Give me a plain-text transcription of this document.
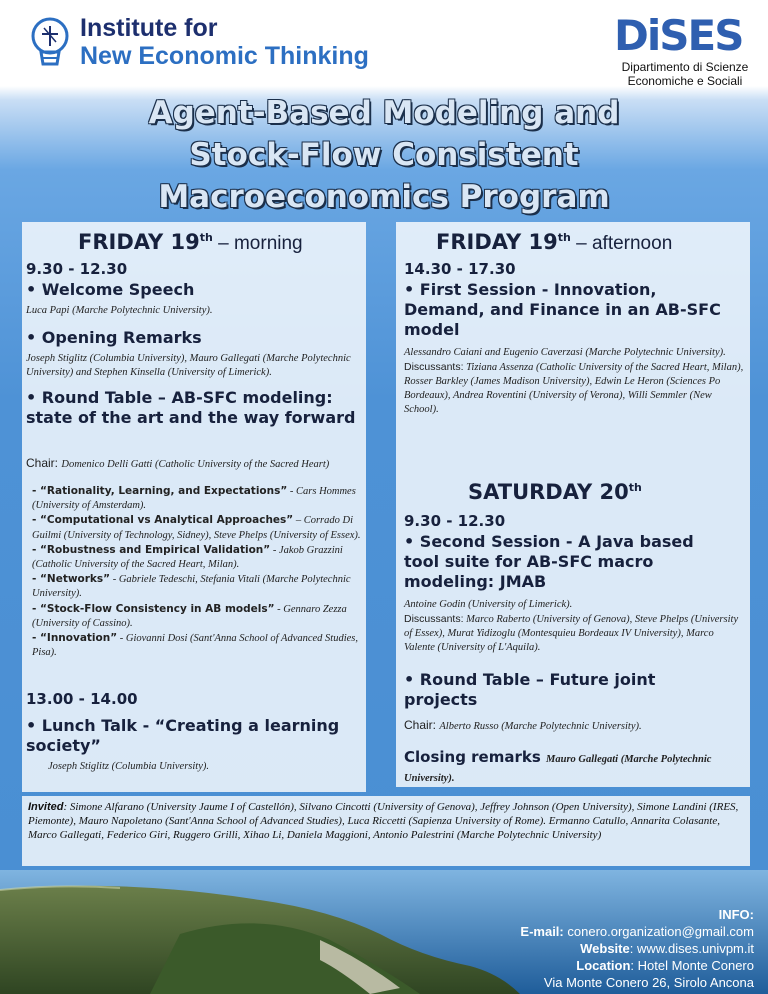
Institute for
New Economic Thinking	DiSES
Dipartimento di Scienze
Economiche e Sociali
Agent-Based Modeling and
Stock-Flow Consistent
Macroeconomics Program
FRIDAY 19th – morning
9.30 - 12.30
• Welcome Speech
Luca Papi (Marche Polytechnic University).
• Opening Remarks
Joseph Stiglitz (Columbia University), Mauro Gallegati (Marche Polytechnic University) and Stephen Kinsella (University of Limerick).
• Round Table – AB-SFC modeling: state of the art and the way forward
Chair: Domenico Delli Gatti (Catholic University of the Sacred Heart)
- “Rationality, Learning, and Expectations” - Cars Hommes (University of Amsterdam).
- “Computational vs Analytical Approaches” – Corrado Di Guilmi (University of Technology, Sidney), Steve Phelps (University of Essex).
- “Robustness and Empirical Validation” - Jakob Grazzini (Catholic University of the Sacred Heart, Milan).
- “Networks” - Gabriele Tedeschi, Stefania Vitali (Marche Polytechnic University).
- “Stock-Flow Consistency in AB models” - Gennaro Zezza (University of Cassino).
- “Innovation” - Giovanni Dosi (Sant'Anna School of Advanced Studies, Pisa).
13.00 - 14.00
• Lunch Talk - “Creating a learning society”
Joseph Stiglitz (Columbia University).
FRIDAY 19th – afternoon
14.30 - 17.30
• First Session - Innovation, Demand, and Finance in an AB-SFC model
Alessandro Caiani and Eugenio Caverzasi (Marche Polytechnic University).
Discussants: Tiziana Assenza (Catholic University of the Sacred Heart, Milan), Rosser Barkley (James Madison University), Edwin Le Heron (Sciences Po Bordeaux), Andrea Roventini (University of Verona), Willi Semmler (New School).
SATURDAY 20th
9.30 - 12.30
• Second Session - A Java based tool suite for AB-SFC macro modeling: JMAB
Antoine Godin (University of Limerick).
Discussants: Marco Raberto (University of Genova), Steve Phelps (University of Essex), Murat Yidizoglu (Montesquieu Bordeaux IV University), Marco Valente (University of L'Aquila).
• Round Table – Future joint projects
Chair: Alberto Russo (Marche Polytechnic University).
Closing remarks Mauro Gallegati (Marche Polytechnic University).

Invited: Simone Alfarano (University Jaume I of Castellón), Silvano Cincotti (University of Genova), Jeffrey Johnson (Open University), Simone Landini (IRES, Piemonte), Mauro Napoletano (Sant'Anna School of Advanced Studies), Luca Riccetti (Sapienza University of Rome). Ermanno Catullo, Annarita Colasante, Marco Gallegati, Federico Giri, Ruggero Grilli, Xihao Li, Daniela Maggioni, Antonio Palestrini (Marche Polytechnic University)

INFO:
E-mail: conero.organization@gmail.com
Website: www.dises.univpm.it
Location: Hotel Monte Conero
Via Monte Conero 26, Sirolo Ancona
